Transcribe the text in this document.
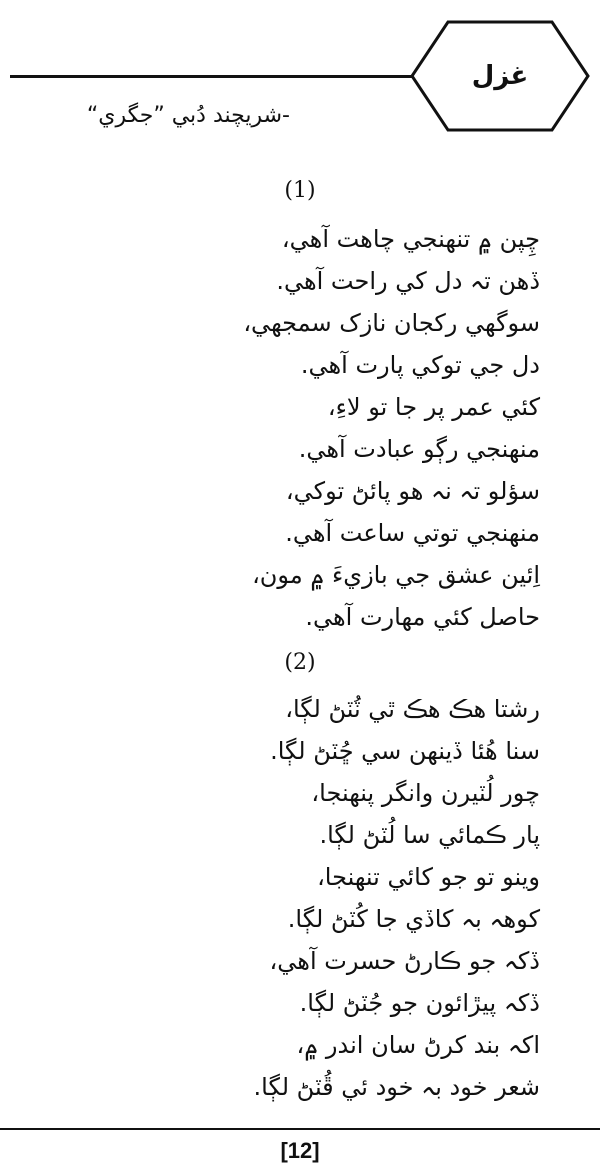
غزل
-شريچند دُبي ”جگري“
(1)
چِپن ۾ تنهنجي چاهت آهي،
ڏهن تہ دل کي راحت آهي.
سوگهي رکجان نازک سمجهي،
دل جي توکي پارت آهي.
کئي عمر پر جا تو لاءِ،
منهنجي رڳو عبادت آهي.
سؤلو تہ نہ هو پائڻ توکي،
منهنجي توتي ساعت آهي.
اِئين عشق جي بازيءَ ۾ مون،
حاصل کئي مهارت آهي.
(2)
رشتا هڪ هڪ ٿي ٽُٽڻ لڳا،
سنا هُئا ڏينهن سي ڇُٽڻ لڳا.
چور لُٽيرن وانگر پنهنجا،
پار ڪمائي سا لُٽڻ لڳا.
وينو تو جو کائي تنهنجا،
کوهہ بہ کاڏي جا کُٽڻ لڳا.
ڏکہ جو ڪارڻ حسرت آهي،
ڏکہ پيڙائون جو جُٽڻ لڳا.
اکہ بند کرڻ سان اندر ۾،
شعر خود بہ خود ئي ڦُٽڻ لڳا.
[12]
